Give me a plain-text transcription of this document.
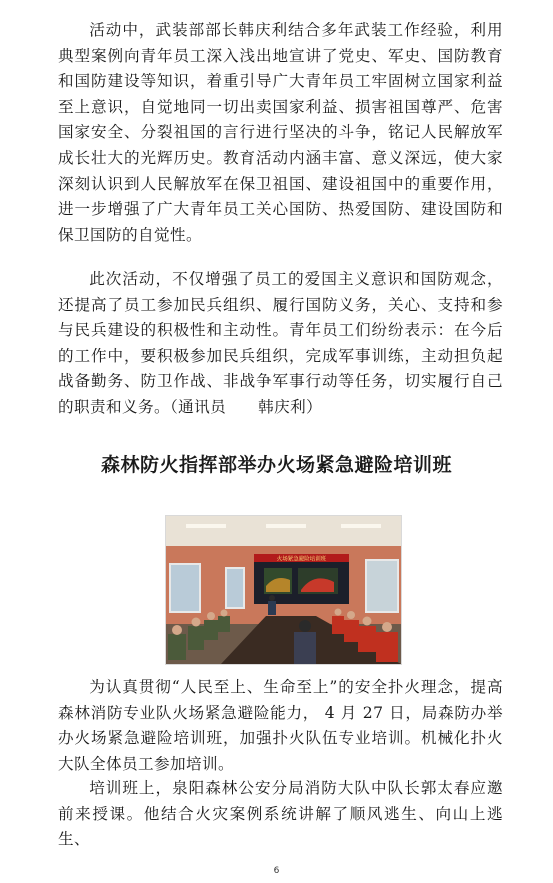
活动中，武装部部长韩庆利结合多年武装工作经验，利用典型案例向青年员工深入浅出地宣讲了党史、军史、国防教育和国防建设等知识，着重引导广大青年员工牢固树立国家利益至上意识，自觉地同一切出卖国家利益、损害祖国尊严、危害国家安全、分裂祖国的言行进行坚决的斗争，铭记人民解放军成长壮大的光辉历史。教育活动内涵丰富、意义深远，使大家深刻认识到人民解放军在保卫祖国、建设祖国中的重要作用，进一步增强了广大青年员工关心国防、热爱国防、建设国防和保卫国防的自觉性。

此次活动，不仅增强了员工的爱国主义意识和国防观念，还提高了员工参加民兵组织、履行国防义务，关心、支持和参与民兵建设的积极性和主动性。青年员工们纷纷表示：在今后的工作中，要积极参加民兵组织，完成军事训练，主动担负起战备勤务、防卫作战、非战争军事行动等任务，切实履行自己的职责和义务。（通讯员　　韩庆利）

森林防火指挥部举办火场紧急避险培训班
火场紧急避险培训班

为认真贯彻“人民至上、生命至上”的安全扑火理念，提高森林消防专业队火场紧急避险能力， 4 月 27 日，局森防办举办火场紧急避险培训班，加强扑火队伍专业培训。机械化扑火大队全体员工参加培训。

培训班上，泉阳森林公安分局消防大队中队长郭太春应邀前来授课。他结合火灾案例系统讲解了顺风逃生、向山上逃生、

6
